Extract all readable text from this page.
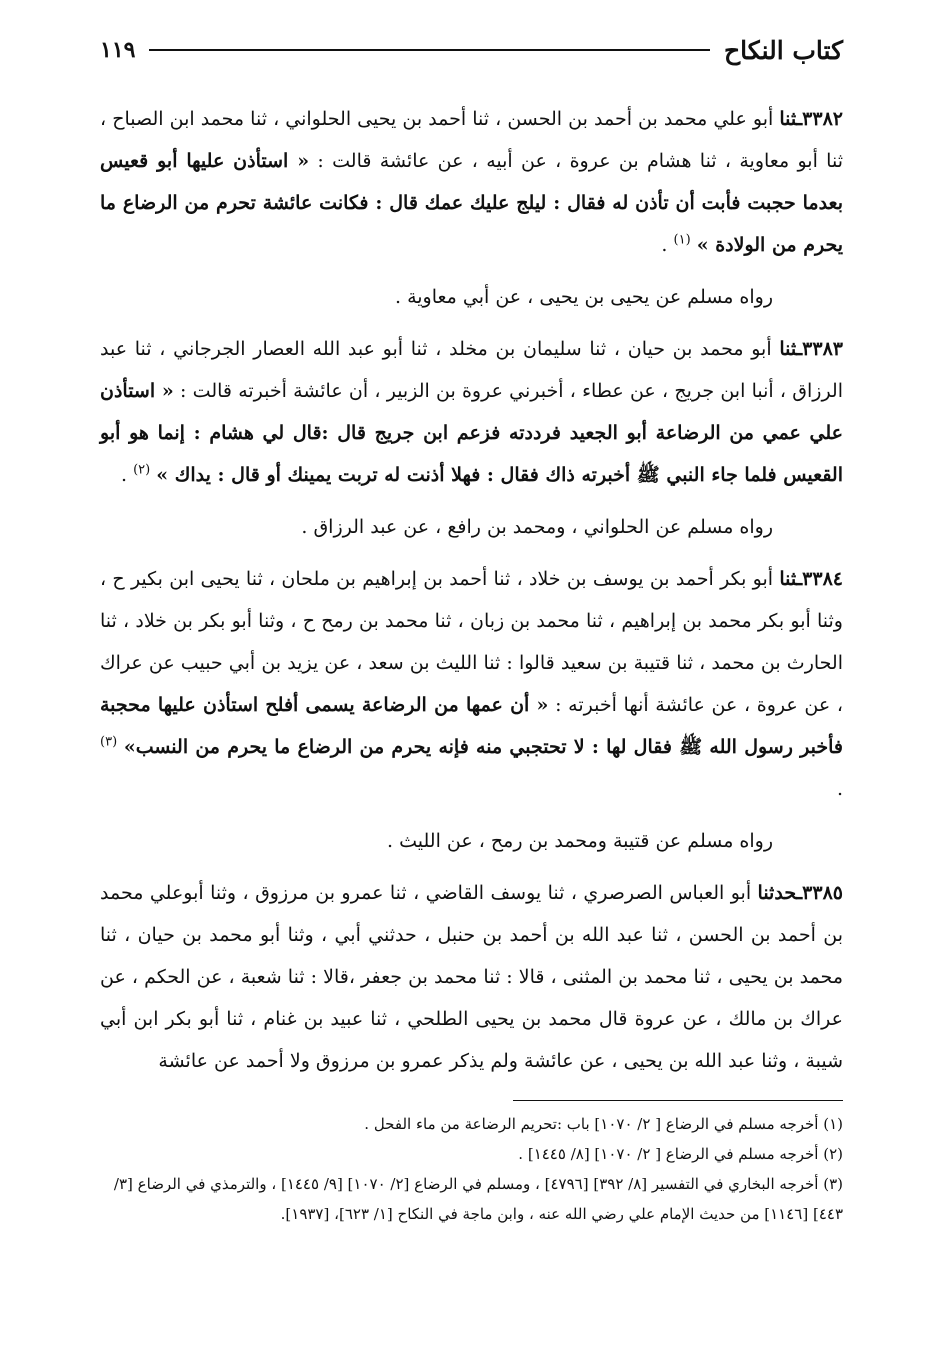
كتاب النكاح
١١٩

٣٣٨٢ـثنا أبو علي محمد بن أحمد بن الحسن ، ثنا أحمد بن يحيى الحلواني ، ثنا محمد ابن الصباح ، ثنا أبو معاوية ، ثنا هشام بن عروة ، عن أبيه ، عن عائشة قالت : « استأذن عليها أبو قعيس بعدما حجبت فأبت أن تأذن له فقال : ليلج عليك عمك قال : فكانت عائشة تحرم من الرضاع ما يحرم من الولادة » $^{(١)}$ .

رواه مسلم عن يحيى بن يحيى ، عن أبي معاوية .

٣٣٨٣ـثنا أبو محمد بن حيان ، ثنا سليمان بن مخلد ، ثنا أبو عبد الله العصار الجرجاني ، ثنا عبد الرزاق ، أنبا ابن جريج ، عن عطاء ، أخبرني عروة بن الزبير ، أن عائشة أخبرته قالت : « استأذن علي عمي من الرضاعة أبو الجعيد فرددته فزعم ابن جريج قال :قال لي هشام : إنما هو أبو القعيس فلما جاء النبي ﷺ أخبرته ذاك فقال : فهلا أذنت له تربت يمينك أو قال : يداك » $^{(٢)}$ .

رواه مسلم عن الحلواني ، ومحمد بن رافع ، عن عبد الرزاق .

٣٣٨٤ـثنا أبو بكر أحمد بن يوسف بن خلاد ، ثنا أحمد بن إبراهيم بن ملحان ، ثنا يحيى ابن بكير ح ، وثنا أبو بكر محمد بن إبراهيم ، ثنا محمد بن زبان ، ثنا محمد بن رمح ح ، وثنا أبو بكر بن خلاد ، ثنا الحارث بن محمد ، ثنا قتيبة بن سعيد قالوا : ثنا الليث بن سعد ، عن يزيد بن أبي حبيب عن عراك ، عن عروة ، عن عائشة أنها أخبرته : « أن عمها من الرضاعة يسمى أفلح استأذن عليها محجبة فأخبر رسول الله ﷺ فقال لها : لا تحتجبي منه فإنه يحرم من الرضاع ما يحرم من النسب» $^{(٣)}$ .

رواه مسلم عن قتيبة ومحمد بن رمح ، عن الليث .

٣٣٨٥ـحدثنا أبو العباس الصرصري ، ثنا يوسف القاضي ، ثنا عمرو بن مرزوق ، وثنا أبوعلي محمد بن أحمد بن الحسن ، ثنا عبد الله بن أحمد بن حنبل ، حدثني أبي ، وثنا أبو محمد بن حيان ، ثنا محمد بن يحيى ، ثنا محمد بن المثنى ، قالا : ثنا محمد بن جعفر ،قالا : ثنا شعبة ، عن الحكم ، عن عراك بن مالك ، عن عروة قال محمد بن يحيى الطلحي ، ثنا عبيد بن غنام ، ثنا أبو بكر ابن أبي شيبة ، وثنا عبد الله بن يحيى ، عن عائشة ولم يذكر عمرو بن مرزوق ولا أحمد عن عائشة

(١) أخرجه مسلم في الرضاع [ ٢/ ١٠٧٠] باب :تحريم الرضاعة من ماء الفحل .

(٢) أخرجه مسلم في الرضاع [ ٢/ ١٠٧٠] [٨/ ١٤٤٥] .

(٣) أخرجه البخاري في التفسير [٨/ ٣٩٢] [٤٧٩٦] ، ومسلم في الرضاع [٢/ ١٠٧٠] [٩/ ١٤٤٥] ، والترمذي في الرضاع [٣/ ٤٤٣] [١١٤٦] من حديث الإمام علي رضي الله عنه ، وابن ماجة في النكاح [١/ ٦٢٣]، [١٩٣٧].
